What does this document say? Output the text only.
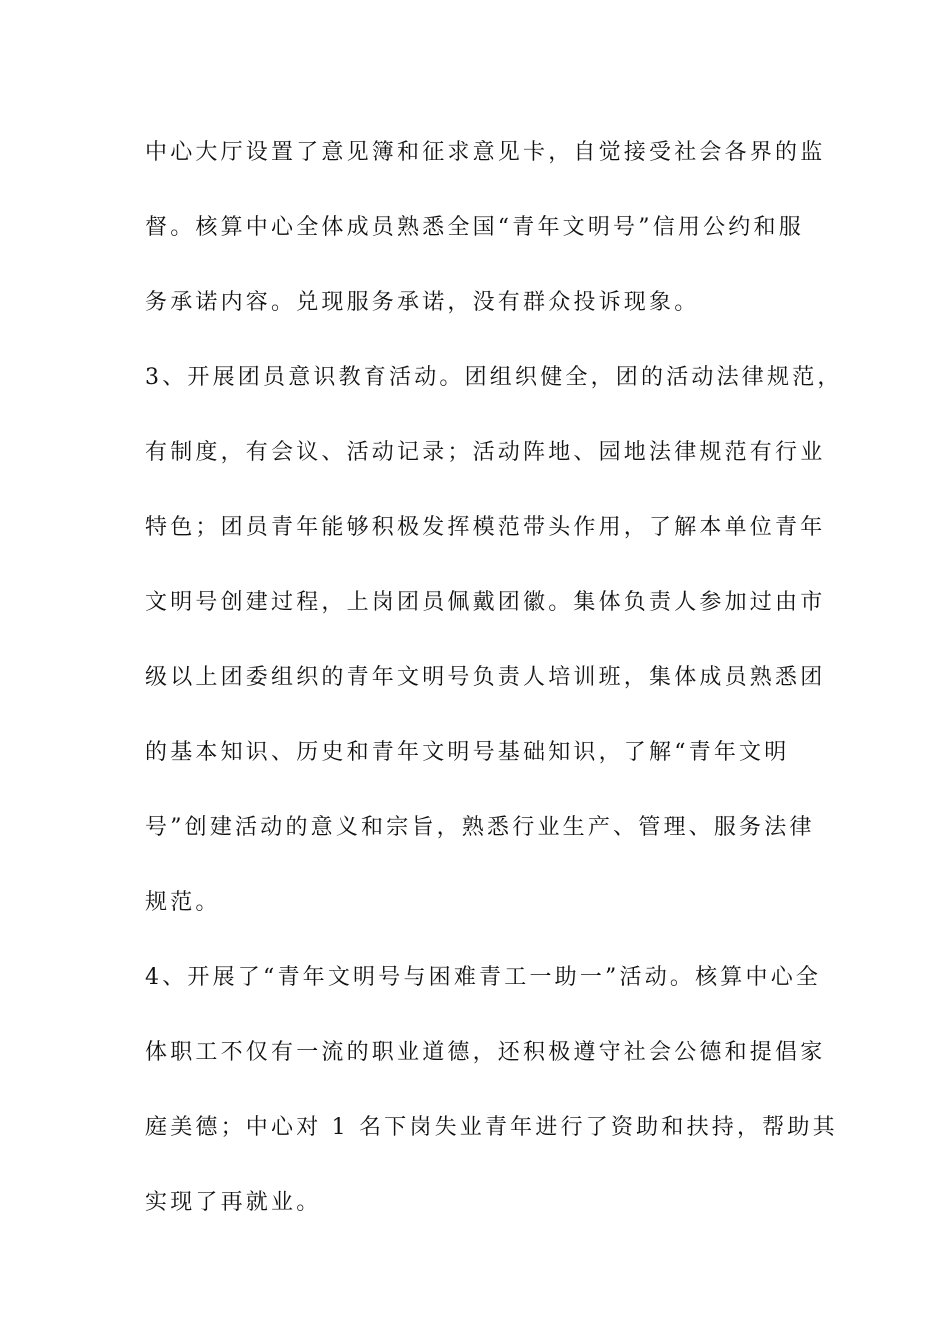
中心大厅设置了意见簿和征求意见卡，自觉接受社会各界的监
督。核算中心全体成员熟悉全国“青年文明号”信用公约和服
务承诺内容。兑现服务承诺，没有群众投诉现象。
3、开展团员意识教育活动。团组织健全，团的活动法律规范，
有制度，有会议、活动记录；活动阵地、园地法律规范有行业
特色；团员青年能够积极发挥模范带头作用，了解本单位青年
文明号创建过程，上岗团员佩戴团徽。集体负责人参加过由市
级以上团委组织的青年文明号负责人培训班，集体成员熟悉团
的基本知识、历史和青年文明号基础知识，了解“青年文明
号”创建活动的意义和宗旨，熟悉行业生产、管理、服务法律
规范。
4、开展了“青年文明号与困难青工一助一”活动。核算中心全
体职工不仅有一流的职业道德，还积极遵守社会公德和提倡家
庭美德；中心对 1 名下岗失业青年进行了资助和扶持，帮助其
实现了再就业。
